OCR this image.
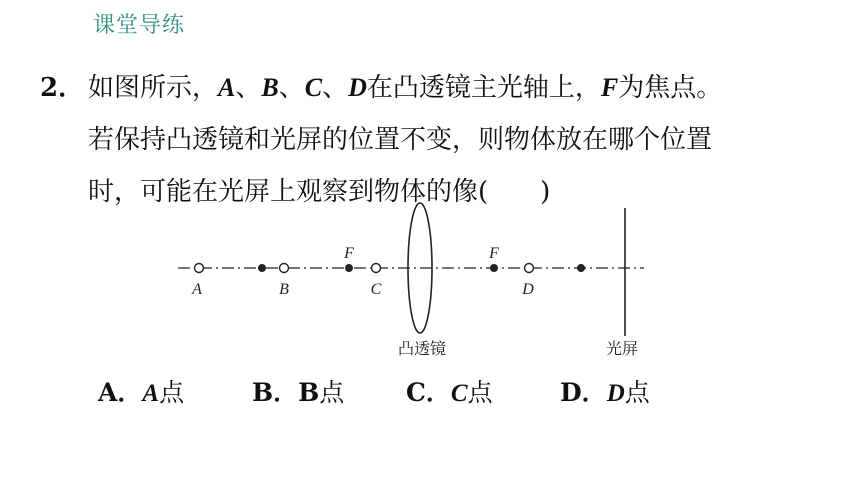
课堂导练
2． 如图所示，A、B、C、D在凸透镜主光轴上，F为焦点。
若保持凸透镜和光屏的位置不变，则物体放在哪个位置
时，可能在光屏上观察到物体的像(　　)
A	B
F
C
F
D
凸透镜	光屏
A．A点	B．B点 C．C点	D．D点
